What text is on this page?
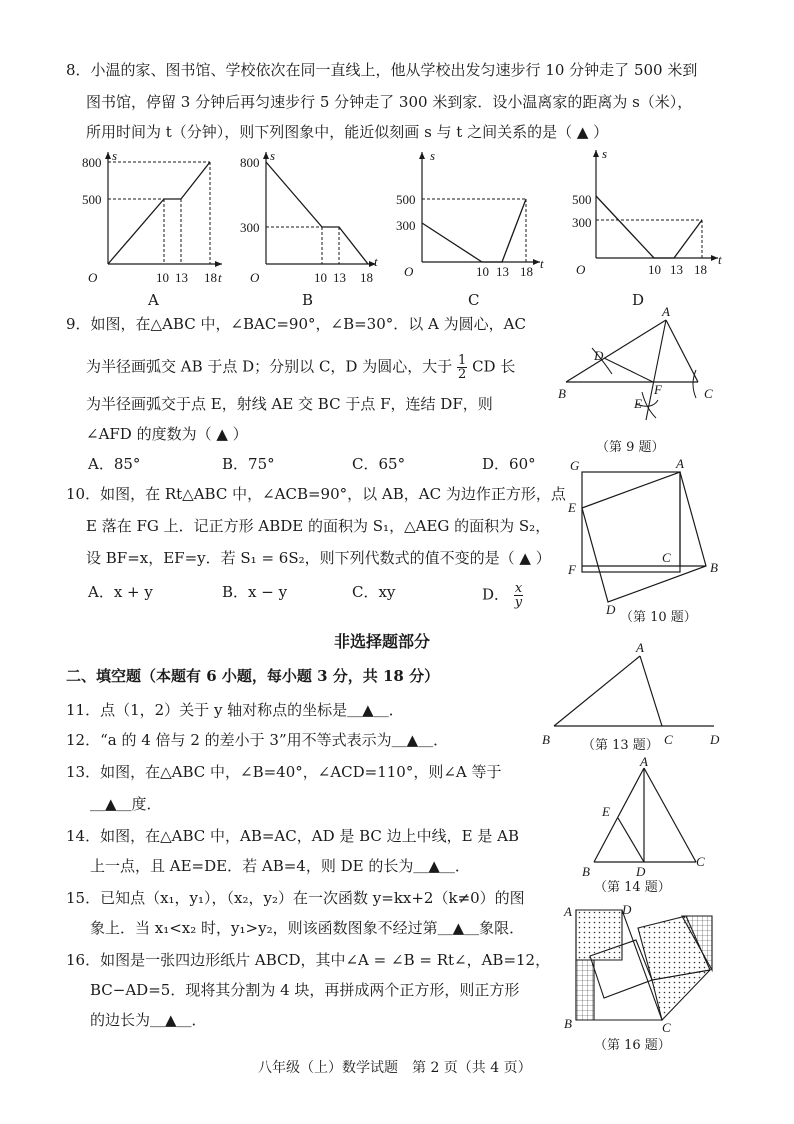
8．小温的家、图书馆、学校依次在同一直线上，他从学校出发匀速步行 10 分钟走了 500 米到
图书馆，停留 3 分钟后再匀速步行 5 分钟走了 300 米到家．设小温离家的距离为 s（米），
所用时间为 t（分钟），则下列图象中，能近似刻画 s 与 t 之间关系的是（ ▲ ）
800
500
s
t
O	10 13 18
A
800
300
s
t
O	10 13 18
B
500
300
s
t
O	10 13 18
C
500
300
s
t
O	10 13 18
D
9．如图，在△ABC 中，∠BAC=90°，∠B=30°．以 A 为圆心，AC
为半径画弧交 AB 于点 D；分别以 C，D 为圆心，大于 $\frac{1}{2}$ CD 长
为半径画弧交于点 E，射线 AE 交 BC 于点 F，连结 DF，则
∠AFD 的度数为（ ▲ ）
A．85°	B．75°	C．65°	D．60°
A
B	C
D
E
F
（第 9 题）
10．如图，在 Rt△ABC 中，∠ACB=90°，以 AB，AC 为边作正方形，点
E 落在 FG 上．记正方形 ABDE 的面积为 S₁，△AEG 的面积为 S₂，
设 BF=x，EF=y．若 S₁ = 6S₂，则下列代数式的值不变的是（ ▲ ）
A．x + y	B．x − y	C．xy	D． $\frac{x}{y}$
G	A
E
C
F	B
D
（第 10 题）
非选择题部分
二、填空题（本题有 6 小题，每小题 3 分，共 18 分）
11．点（1，2）关于 y 轴对称点的坐标是＿▲＿．
12．“a 的 4 倍与 2 的差小于 3”用不等式表示为＿▲＿．
13．如图，在△ABC 中，∠B=40°，∠ACD=110°，则∠A 等于
＿▲＿度．
A
B	C	D
（第 13 题）
14．如图，在△ABC 中，AB=AC，AD 是 BC 边上中线，E 是 AB
上一点，且 AE=DE．若 AB=4，则 DE 的长为＿▲＿．
A
B
C
D
E
（第 14 题）
15．已知点（x₁，y₁），（x₂，y₂）在一次函数 y=kx+2（k≠0）的图
象上．当 x₁<x₂ 时，y₁>y₂，则该函数图象不经过第＿▲＿象限．
16．如图是一张四边形纸片 ABCD，其中∠A = ∠B = Rt∠，AB=12，
BC−AD=5．现将其分割为 4 块，再拼成两个正方形，则正方形
的边长为＿▲＿．
A	D
B	C
（第 16 题）
八年级（上）数学试题　第 2 页（共 4 页）
